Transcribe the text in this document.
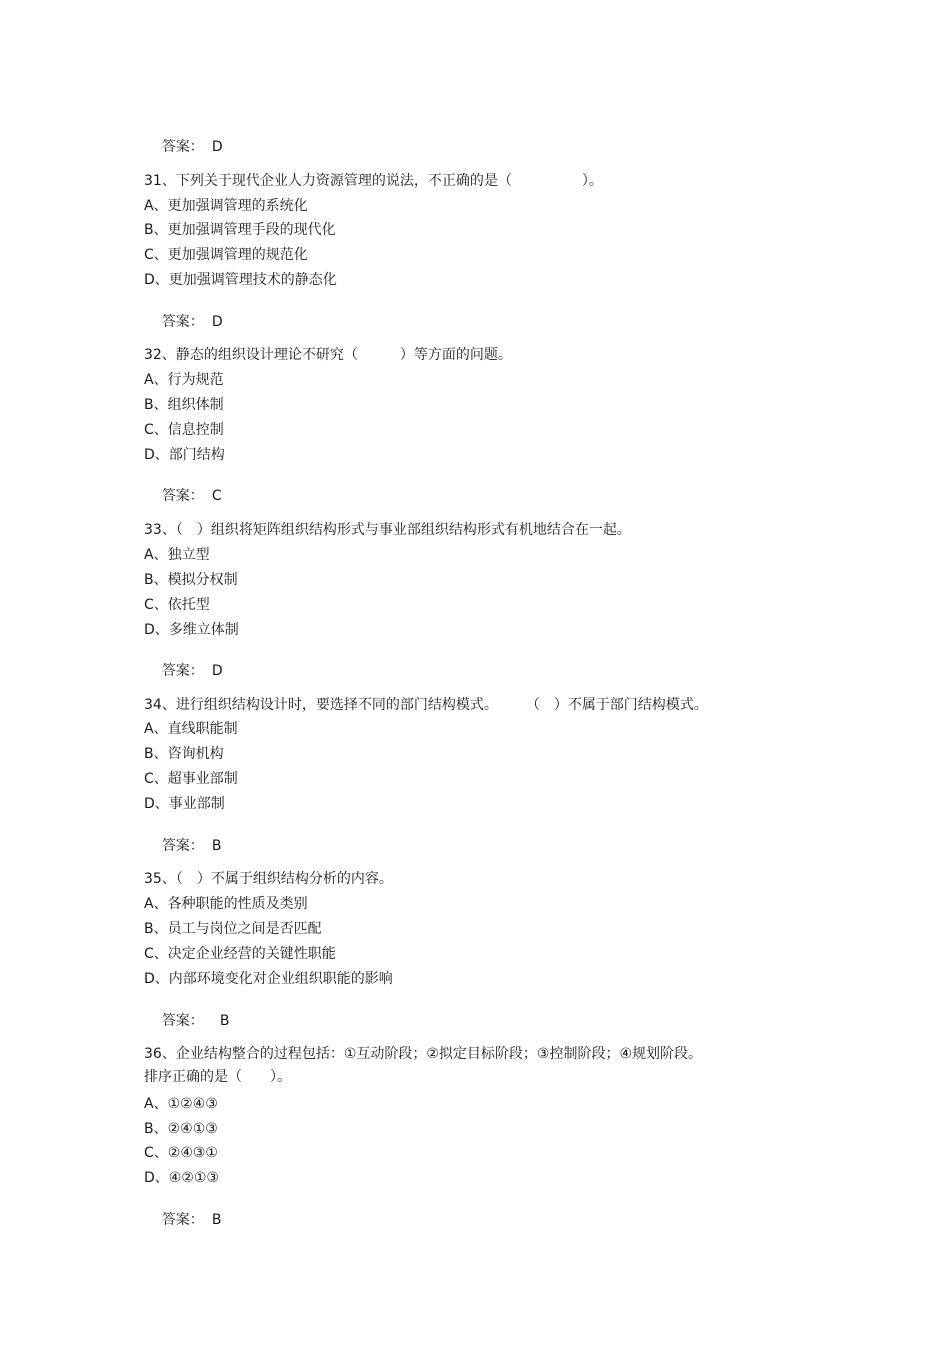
答案： D

31、下列关于现代企业人力资源管理的说法，不正确的是（　　　　　）。
A、更加强调管理的系统化
B、更加强调管理手段的现代化
C、更加强调管理的规范化
D、更加强调管理技术的静态化

答案： D

32、静态的组织设计理论不研究（　　　）等方面的问题。
A、行为规范
B、组织体制
C、信息控制
D、部门结构

答案： C

33、（　）组织将矩阵组织结构形式与事业部组织结构形式有机地结合在一起。
A、独立型
B、模拟分权制
C、依托型
D、多维立体制

答案： D

34、进行组织结构设计时，要选择不同的部门结构模式。　　　（　）不属于部门结构模式。
A、直线职能制
B、咨询机构
C、超事业部制
D、事业部制

答案： B

35、（　）不属于组织结构分析的内容。
A、各种职能的性质及类别
B、员工与岗位之间是否匹配
C、决定企业经营的关键性职能
D、内部环境变化对企业组织职能的影响

答案： B

36、企业结构整合的过程包括：①互动阶段；②拟定目标阶段；③控制阶段；④规划阶段。
排序正确的是（　　）。
A、①②④③
B、②④①③
C、②④③①
D、④②①③

答案： B
